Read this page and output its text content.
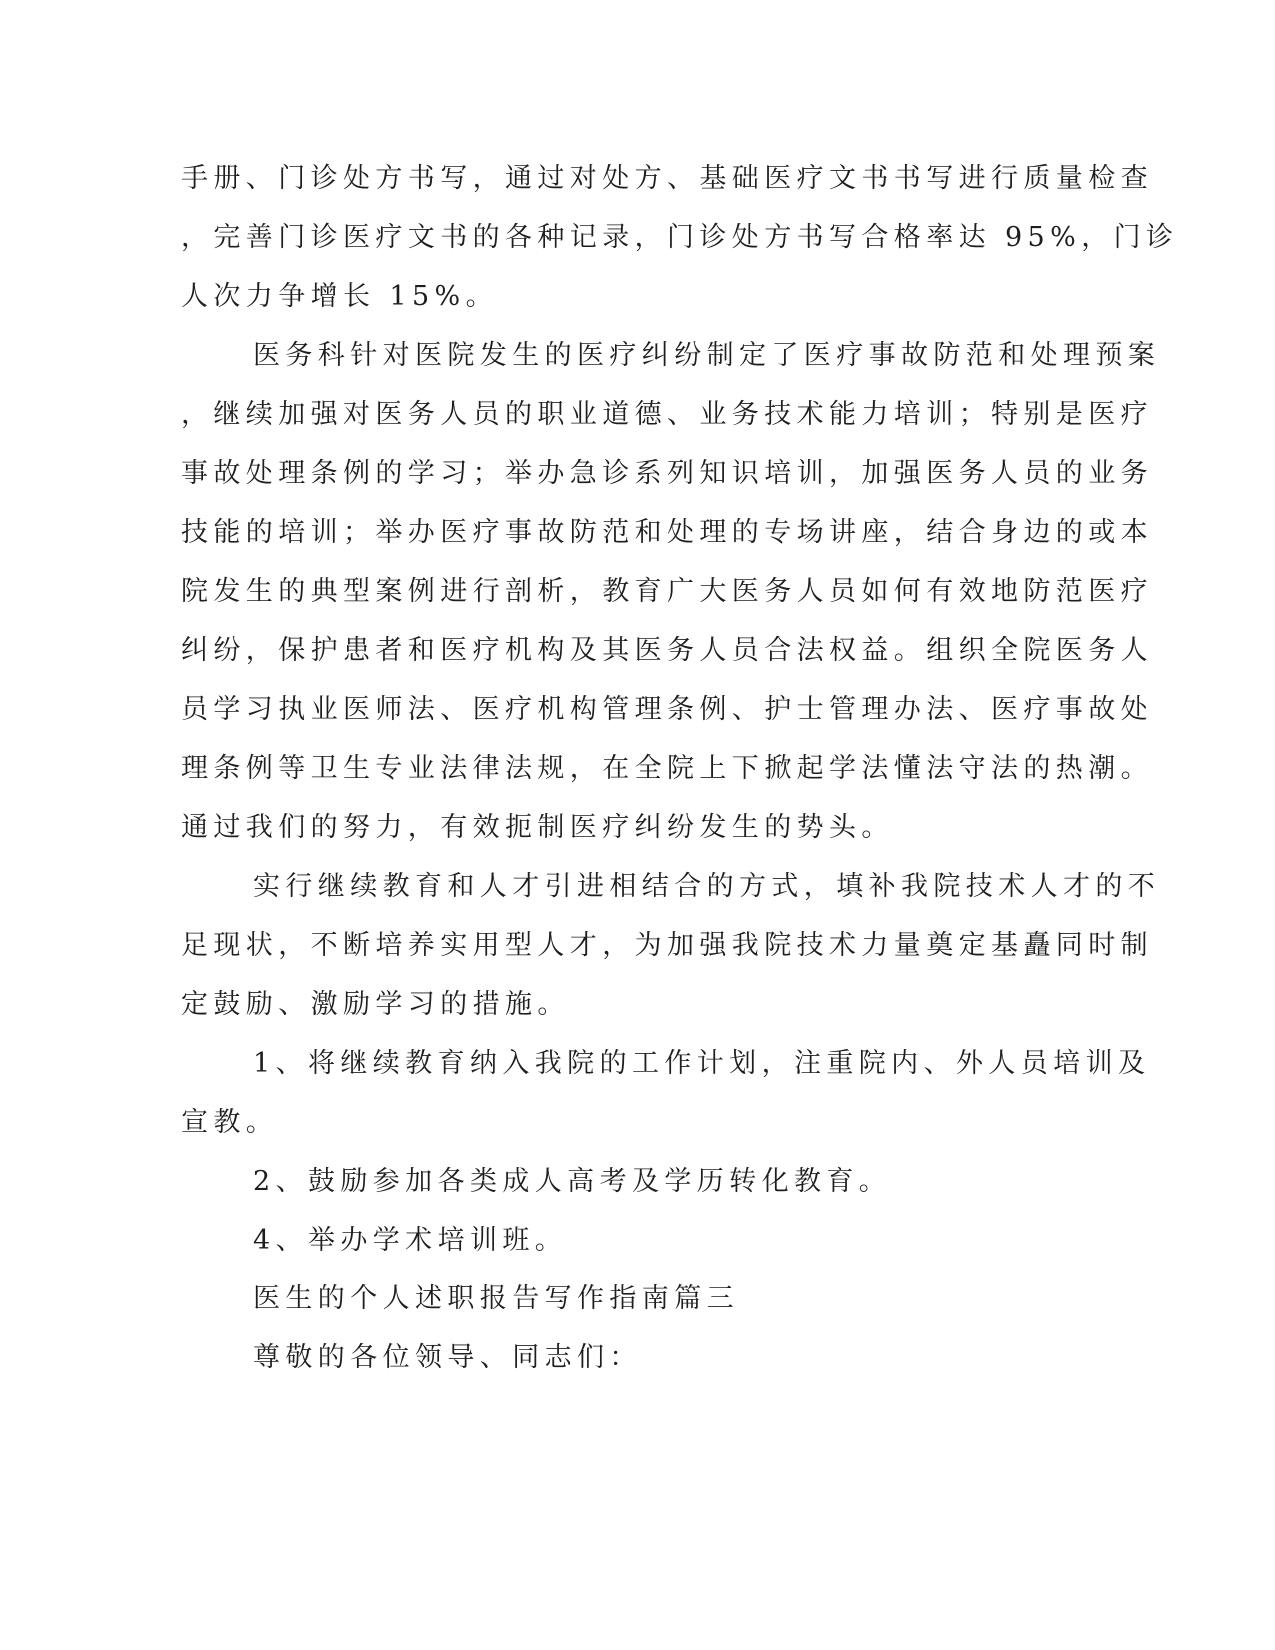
手册、门诊处方书写，通过对处方、基础医疗文书书写进行质量检查

，完善门诊医疗文书的各种记录，门诊处方书写合格率达 95%，门诊

人次力争增长 15%。

医务科针对医院发生的医疗纠纷制定了医疗事故防范和处理预案

，继续加强对医务人员的职业道德、业务技术能力培训；特别是医疗

事故处理条例的学习；举办急诊系列知识培训，加强医务人员的业务

技能的培训；举办医疗事故防范和处理的专场讲座，结合身边的或本

院发生的典型案例进行剖析，教育广大医务人员如何有效地防范医疗

纠纷，保护患者和医疗机构及其医务人员合法权益。组织全院医务人

员学习执业医师法、医疗机构管理条例、护士管理办法、医疗事故处

理条例等卫生专业法律法规，在全院上下掀起学法懂法守法的热潮。

通过我们的努力，有效扼制医疗纠纷发生的势头。

实行继续教育和人才引进相结合的方式，填补我院技术人才的不

足现状，不断培养实用型人才，为加强我院技术力量奠定基矗同时制

定鼓励、激励学习的措施。

1、将继续教育纳入我院的工作计划，注重院内、外人员培训及

宣教。

2、鼓励参加各类成人高考及学历转化教育。

4、举办学术培训班。

医生的个人述职报告写作指南篇三

尊敬的各位领导、同志们：
